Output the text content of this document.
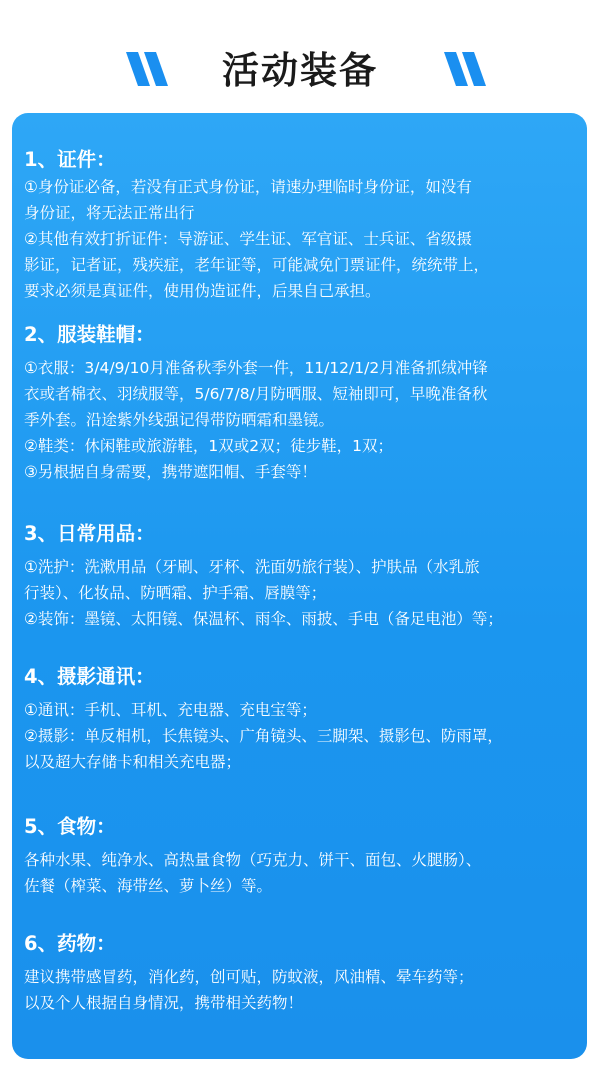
活动装备
1、证件：

①身份证必备，若没有正式身份证，请速办理临时身份证，如没有
身份证，将无法正常出行

②其他有效打折证件：导游证、学生证、军官证、士兵证、省级摄
影证，记者证，残疾症，老年证等，可能减免门票证件，统统带上，
要求必须是真证件，使用伪造证件，后果自己承担。

2、服装鞋帽：

①衣服：3/4/9/10月准备秋季外套一件，11/12/1/2月准备抓绒冲锋
衣或者棉衣、羽绒服等，5/6/7/8/月防晒服、短袖即可，早晚准备秋
季外套。沿途紫外线强记得带防晒霜和墨镜。

②鞋类：休闲鞋或旅游鞋，1双或2双；徒步鞋，1双；

③另根据自身需要，携带遮阳帽、手套等！

3、日常用品：

①洗护：洗漱用品（牙刷、牙杯、洗面奶旅行装）、护肤品（水乳旅
行装）、化妆品、防晒霜、护手霜、唇膜等；

②装饰：墨镜、太阳镜、保温杯、雨伞、雨披、手电（备足电池）等；

4、摄影通讯：

①通讯：手机、耳机、充电器、充电宝等；

②摄影：单反相机，长焦镜头、广角镜头、三脚架、摄影包、防雨罩，
以及超大存储卡和相关充电器；

5、食物：

各种水果、纯净水、高热量食物（巧克力、饼干、面包、火腿肠）、
佐餐（榨菜、海带丝、萝卜丝）等。

6、药物：

建议携带感冒药，消化药，创可贴，防蚊液，风油精、晕车药等；
以及个人根据自身情况，携带相关药物！
